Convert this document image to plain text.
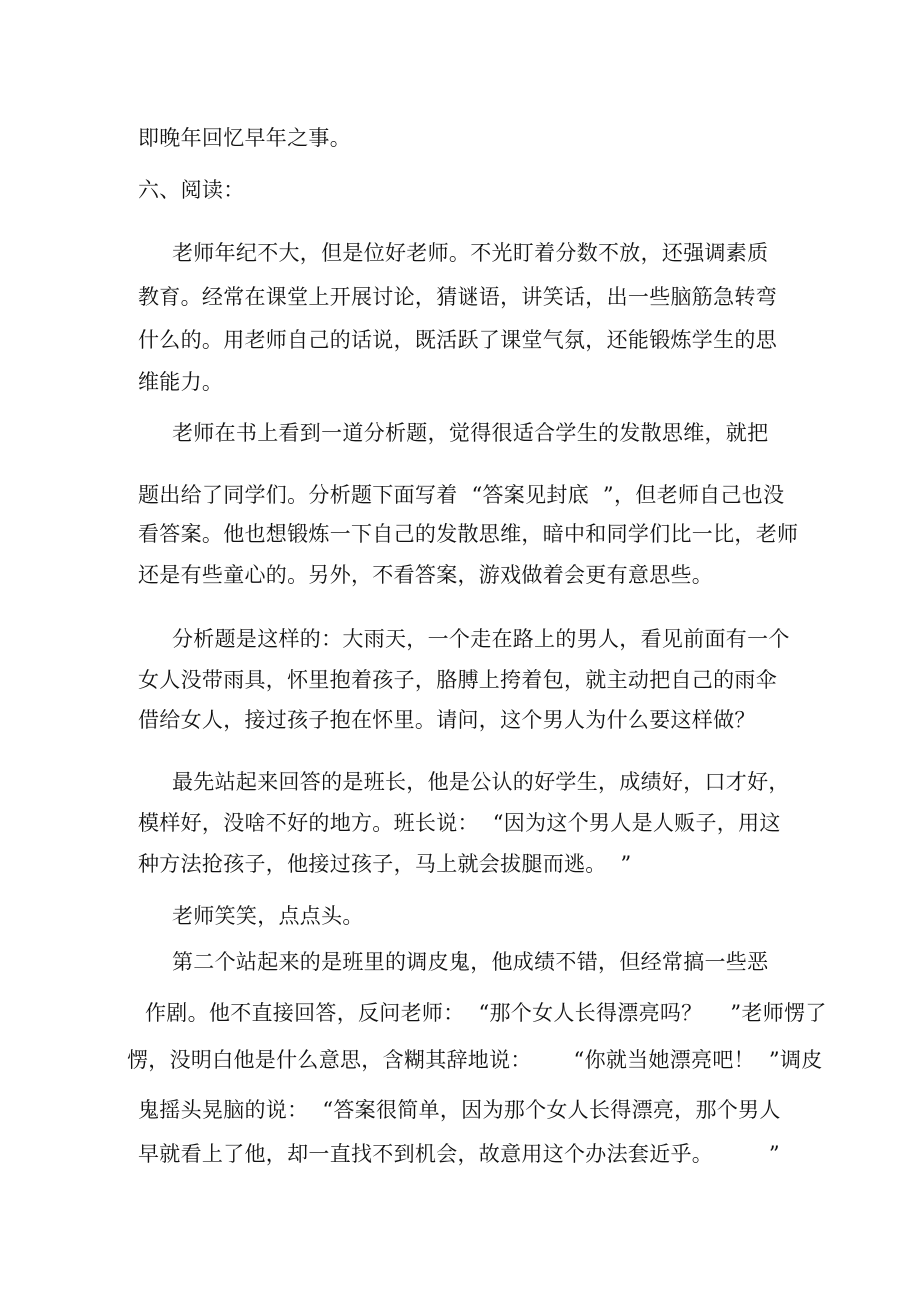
即晚年回忆早年之事。
六、阅读：
老师年纪不大，但是位好老师。不光盯着分数不放，还强调素质
教育。经常在课堂上开展讨论，猜谜语，讲笑话，出一些脑筋急转弯
什么的。用老师自己的话说，既活跃了课堂气氛，还能锻炼学生的思
维能力。
老师在书上看到一道分析题，觉得很适合学生的发散思维，就把
题出给了同学们。分析题下面写着  “答案见封底  ”，但老师自己也没
看答案。他也想锻炼一下自己的发散思维，暗中和同学们比一比，老师
还是有些童心的。另外，不看答案，游戏做着会更有意思些。
分析题是这样的：大雨天，一个走在路上的男人，看见前面有一个
女人没带雨具，怀里抱着孩子，胳膊上挎着包，就主动把自己的雨伞
借给女人，接过孩子抱在怀里。请问，这个男人为什么要这样做？
最先站起来回答的是班长，他是公认的好学生，成绩好，口才好，
模样好，没啥不好的地方。班长说：  “因为这个男人是人贩子，用这
种方法抢孩子，他接过孩子，马上就会拔腿而逃。  ”
老师笑笑，点点头。
第二个站起来的是班里的调皮鬼，他成绩不错，但经常搞一些恶
作剧。他不直接回答，反问老师：  “那个女人长得漂亮吗？    ”老师愣了
愣，没明白他是什么意思，含糊其辞地说：      “你就当她漂亮吧！  ”调皮
鬼摇头晃脑的说：  “答案很简单，因为那个女人长得漂亮，那个男人
早就看上了他，却一直找不到机会，故意用这个办法套近乎。        ”
